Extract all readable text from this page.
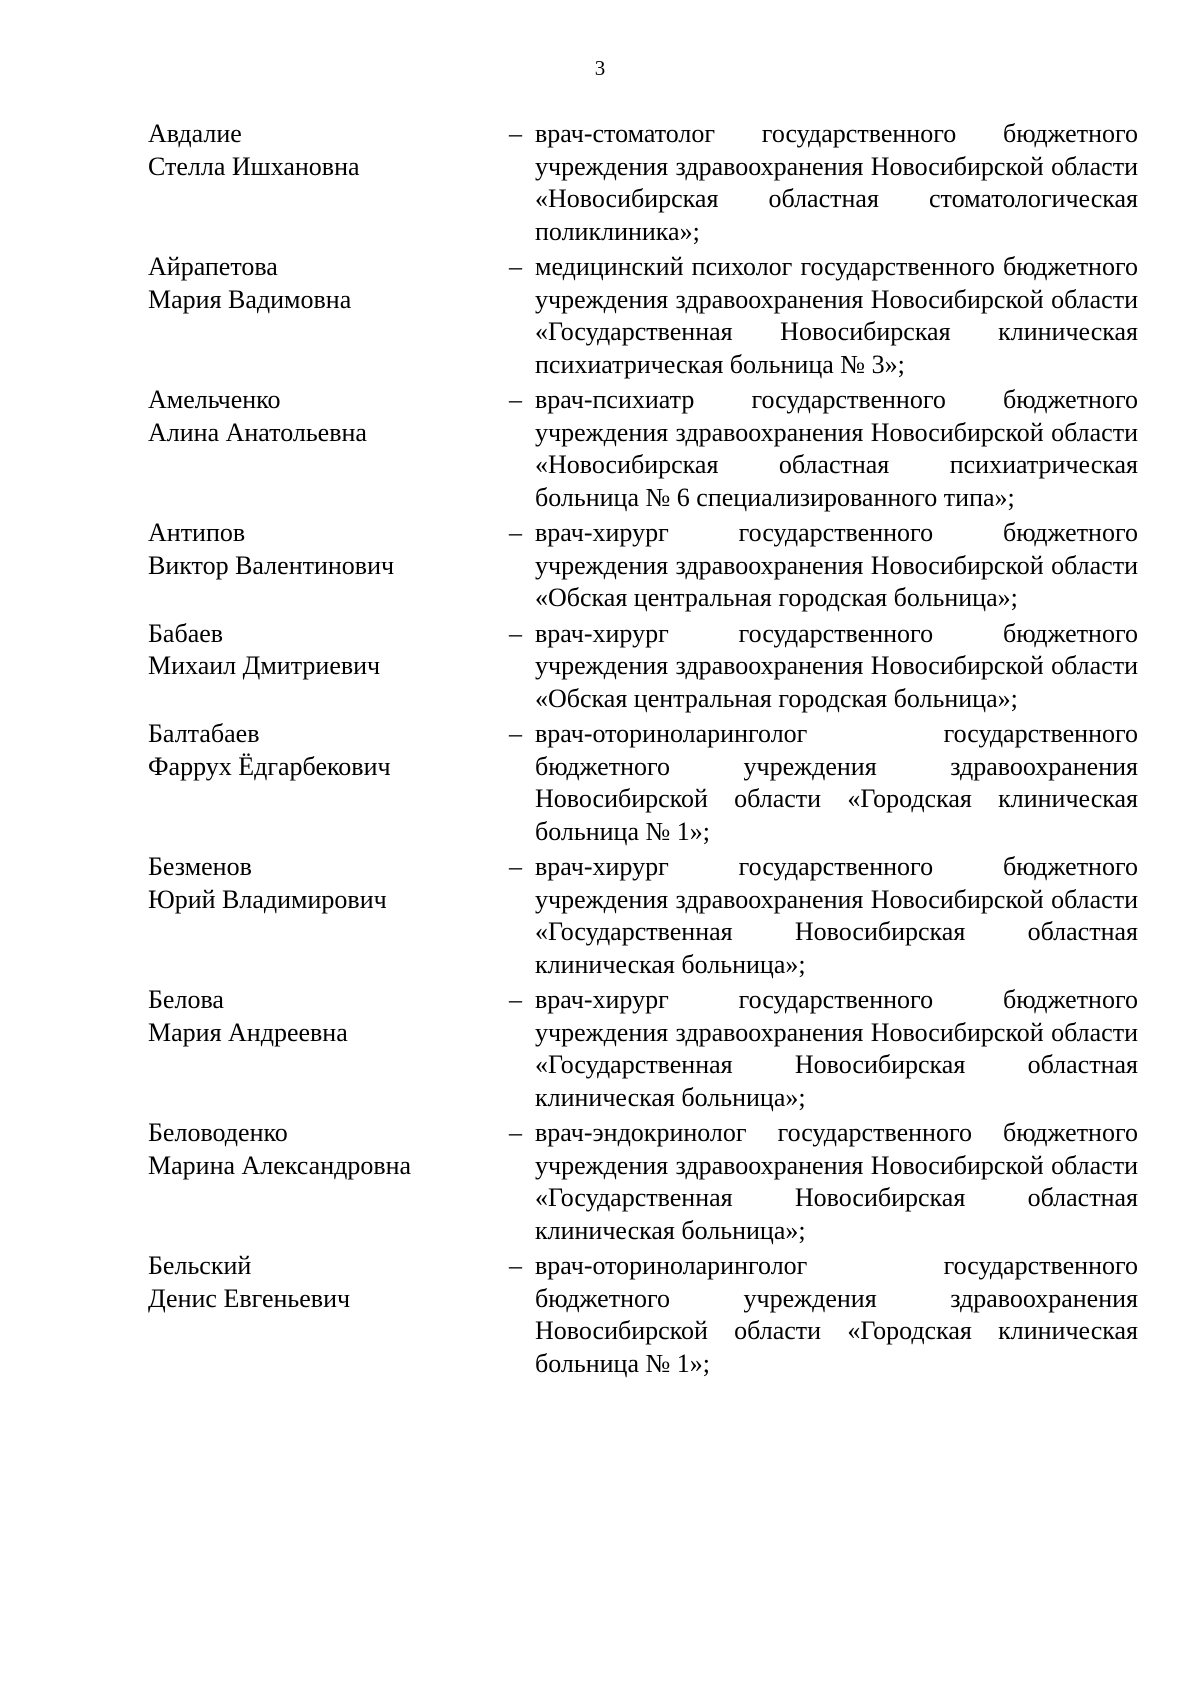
3
Авдалие
Стелла Ишхановна
– врач-стоматолог государственного бюджетного учреждения здравоохранения Новосибирской области «Новосибирская областная стоматологическая поликлиника»;
Айрапетова
Мария Вадимовна
– медицинский психолог государственного бюджетного учреждения здравоохранения Новосибирской области «Государственная Новосибирская клиническая психиатрическая больница № 3»;
Амельченко
Алина Анатольевна
– врач-психиатр государственного бюджетного учреждения здравоохранения Новосибирской области «Новосибирская областная психиатрическая больница № 6 специализированного типа»;
Антипов
Виктор Валентинович
– врач-хирург государственного бюджетного учреждения здравоохранения Новосибирской области «Обская центральная городская больница»;
Бабаев
Михаил Дмитриевич
– врач-хирург государственного бюджетного учреждения здравоохранения Новосибирской области «Обская центральная городская больница»;
Балтабаев
Фаррух Ёдгарбекович
– врач-оториноларинголог государственного бюджетного учреждения здравоохранения Новосибирской области «Городская клиническая больница № 1»;
Безменов
Юрий Владимирович
– врач-хирург государственного бюджетного учреждения здравоохранения Новосибирской области «Государственная Новосибирская областная клиническая больница»;
Белова
Мария Андреевна
– врач-хирург государственного бюджетного учреждения здравоохранения Новосибирской области «Государственная Новосибирская областная клиническая больница»;
Беловоденко
Марина Александровна
– врач-эндокринолог государственного бюджетного учреждения здравоохранения Новосибирской области «Государственная Новосибирская областная клиническая больница»;
Бельский
Денис Евгеньевич
– врач-оториноларинголог государственного бюджетного учреждения здравоохранения Новосибирской области «Городская клиническая больница № 1»;
